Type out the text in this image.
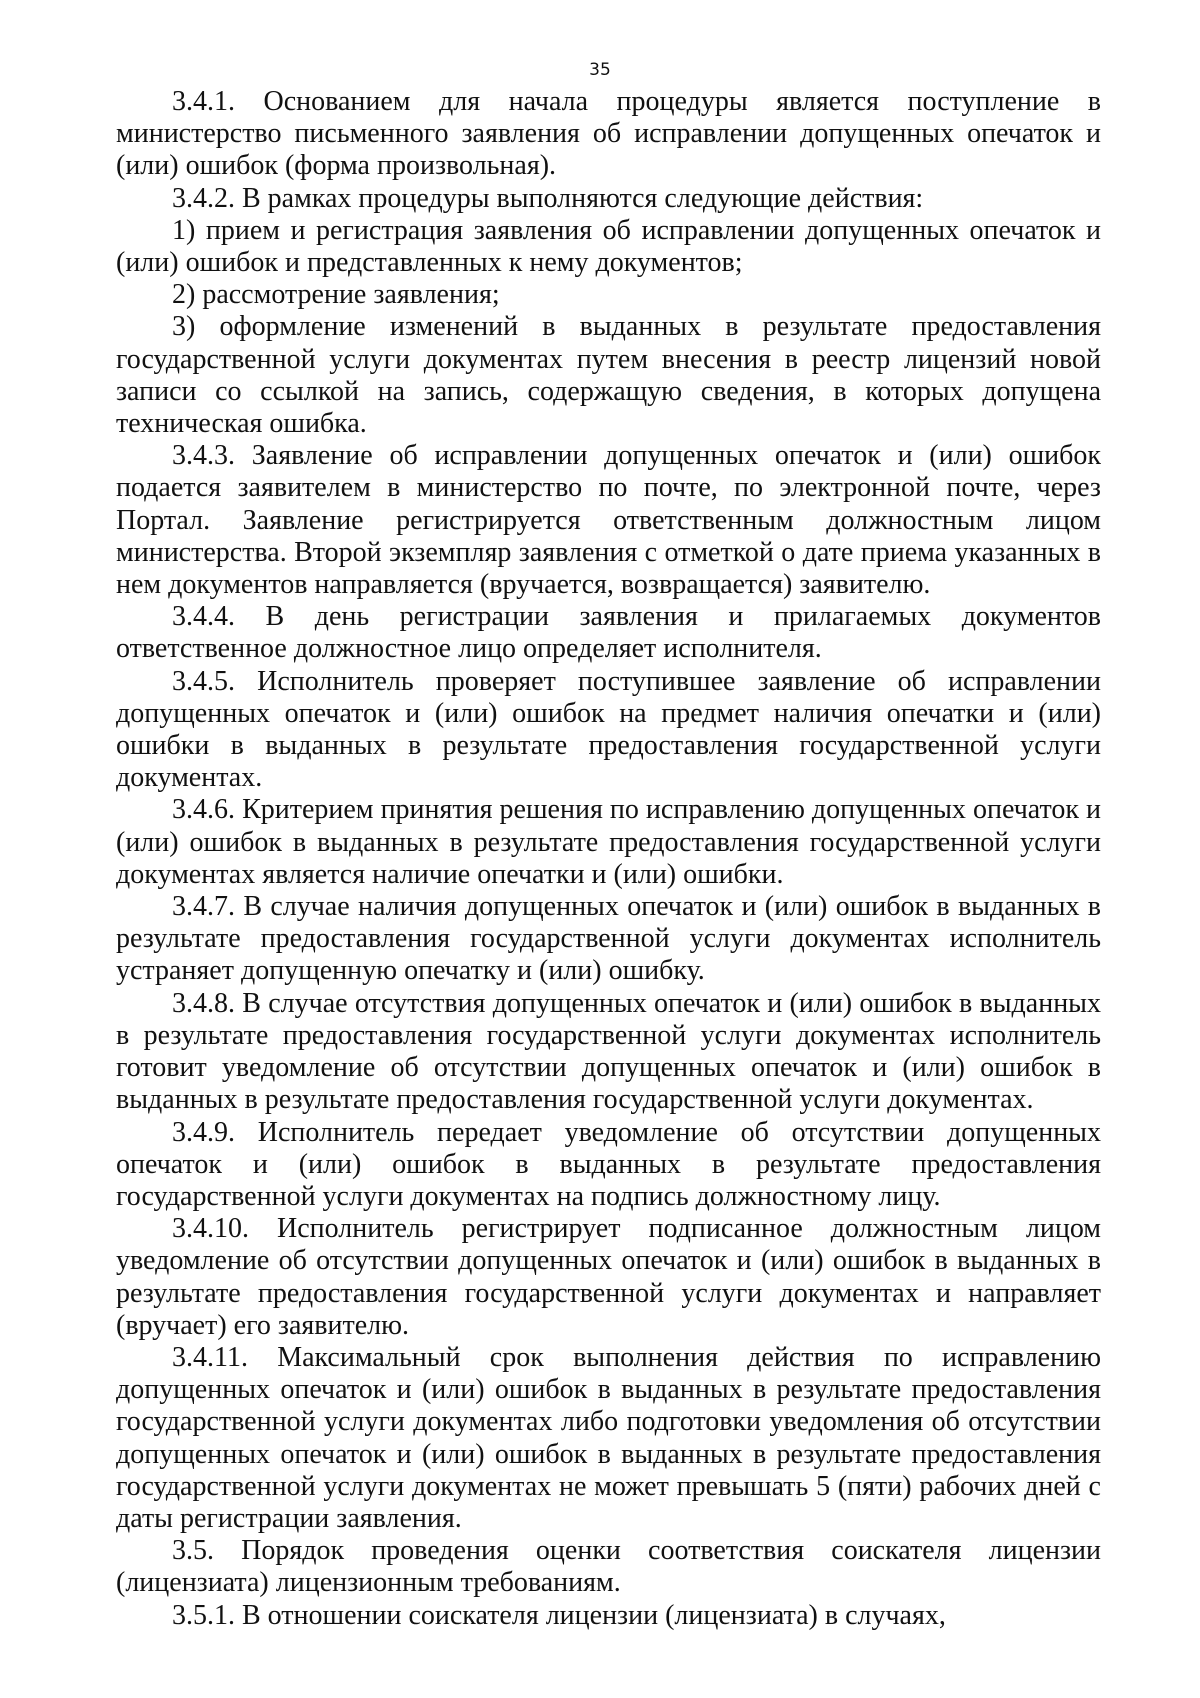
35

3.4.1. Основанием для начала процедуры является поступление в министерство письменного заявления об исправлении допущенных опечаток и (или) ошибок (форма произвольная).

3.4.2. В рамках процедуры выполняются следующие действия:

1) прием и регистрация заявления об исправлении допущенных опечаток и (или) ошибок и представленных к нему документов;

2) рассмотрение заявления;

3) оформление изменений в выданных в результате предоставления государственной услуги документах путем внесения в реестр лицензий новой записи со ссылкой на запись, содержащую сведения, в которых допущена техническая ошибка.

3.4.3. Заявление об исправлении допущенных опечаток и (или) ошибок подается заявителем в министерство по почте, по электронной почте, через Портал. Заявление регистрируется ответственным должностным лицом министерства. Второй экземпляр заявления с отметкой о дате приема указанных в нем документов направляется (вручается, возвращается) заявителю.

3.4.4. В день регистрации заявления и прилагаемых документов ответственное должностное лицо определяет исполнителя.

3.4.5. Исполнитель проверяет поступившее заявление об исправлении допущенных опечаток и (или) ошибок на предмет наличия опечатки и (или) ошибки в выданных в результате предоставления государственной услуги документах.

3.4.6. Критерием принятия решения по исправлению допущенных опечаток и (или) ошибок в выданных в результате предоставления государственной услуги документах является наличие опечатки и (или) ошибки.

3.4.7. В случае наличия допущенных опечаток и (или) ошибок в выданных в результате предоставления государственной услуги документах исполнитель устраняет допущенную опечатку и (или) ошибку.

3.4.8. В случае отсутствия допущенных опечаток и (или) ошибок в выданных в результате предоставления государственной услуги документах исполнитель готовит уведомление об отсутствии допущенных опечаток и (или) ошибок в выданных в результате предоставления государственной услуги документах.

3.4.9. Исполнитель передает уведомление об отсутствии допущенных опечаток и (или) ошибок в выданных в результате предоставления государственной услуги документах на подпись должностному лицу.

3.4.10. Исполнитель регистрирует подписанное должностным лицом уведомление об отсутствии допущенных опечаток и (или) ошибок в выданных в результате предоставления государственной услуги документах и направляет (вручает) его заявителю.

3.4.11. Максимальный срок выполнения действия по исправлению допущенных опечаток и (или) ошибок в выданных в результате предоставления государственной услуги документах либо подготовки уведомления об отсутствии допущенных опечаток и (или) ошибок в выданных в результате предоставления государственной услуги документах не может превышать 5 (пяти) рабочих дней с даты регистрации заявления.

3.5. Порядок проведения оценки соответствия соискателя лицензии (лицензиата) лицензионным требованиям.

3.5.1. В отношении соискателя лицензии (лицензиата) в случаях,
